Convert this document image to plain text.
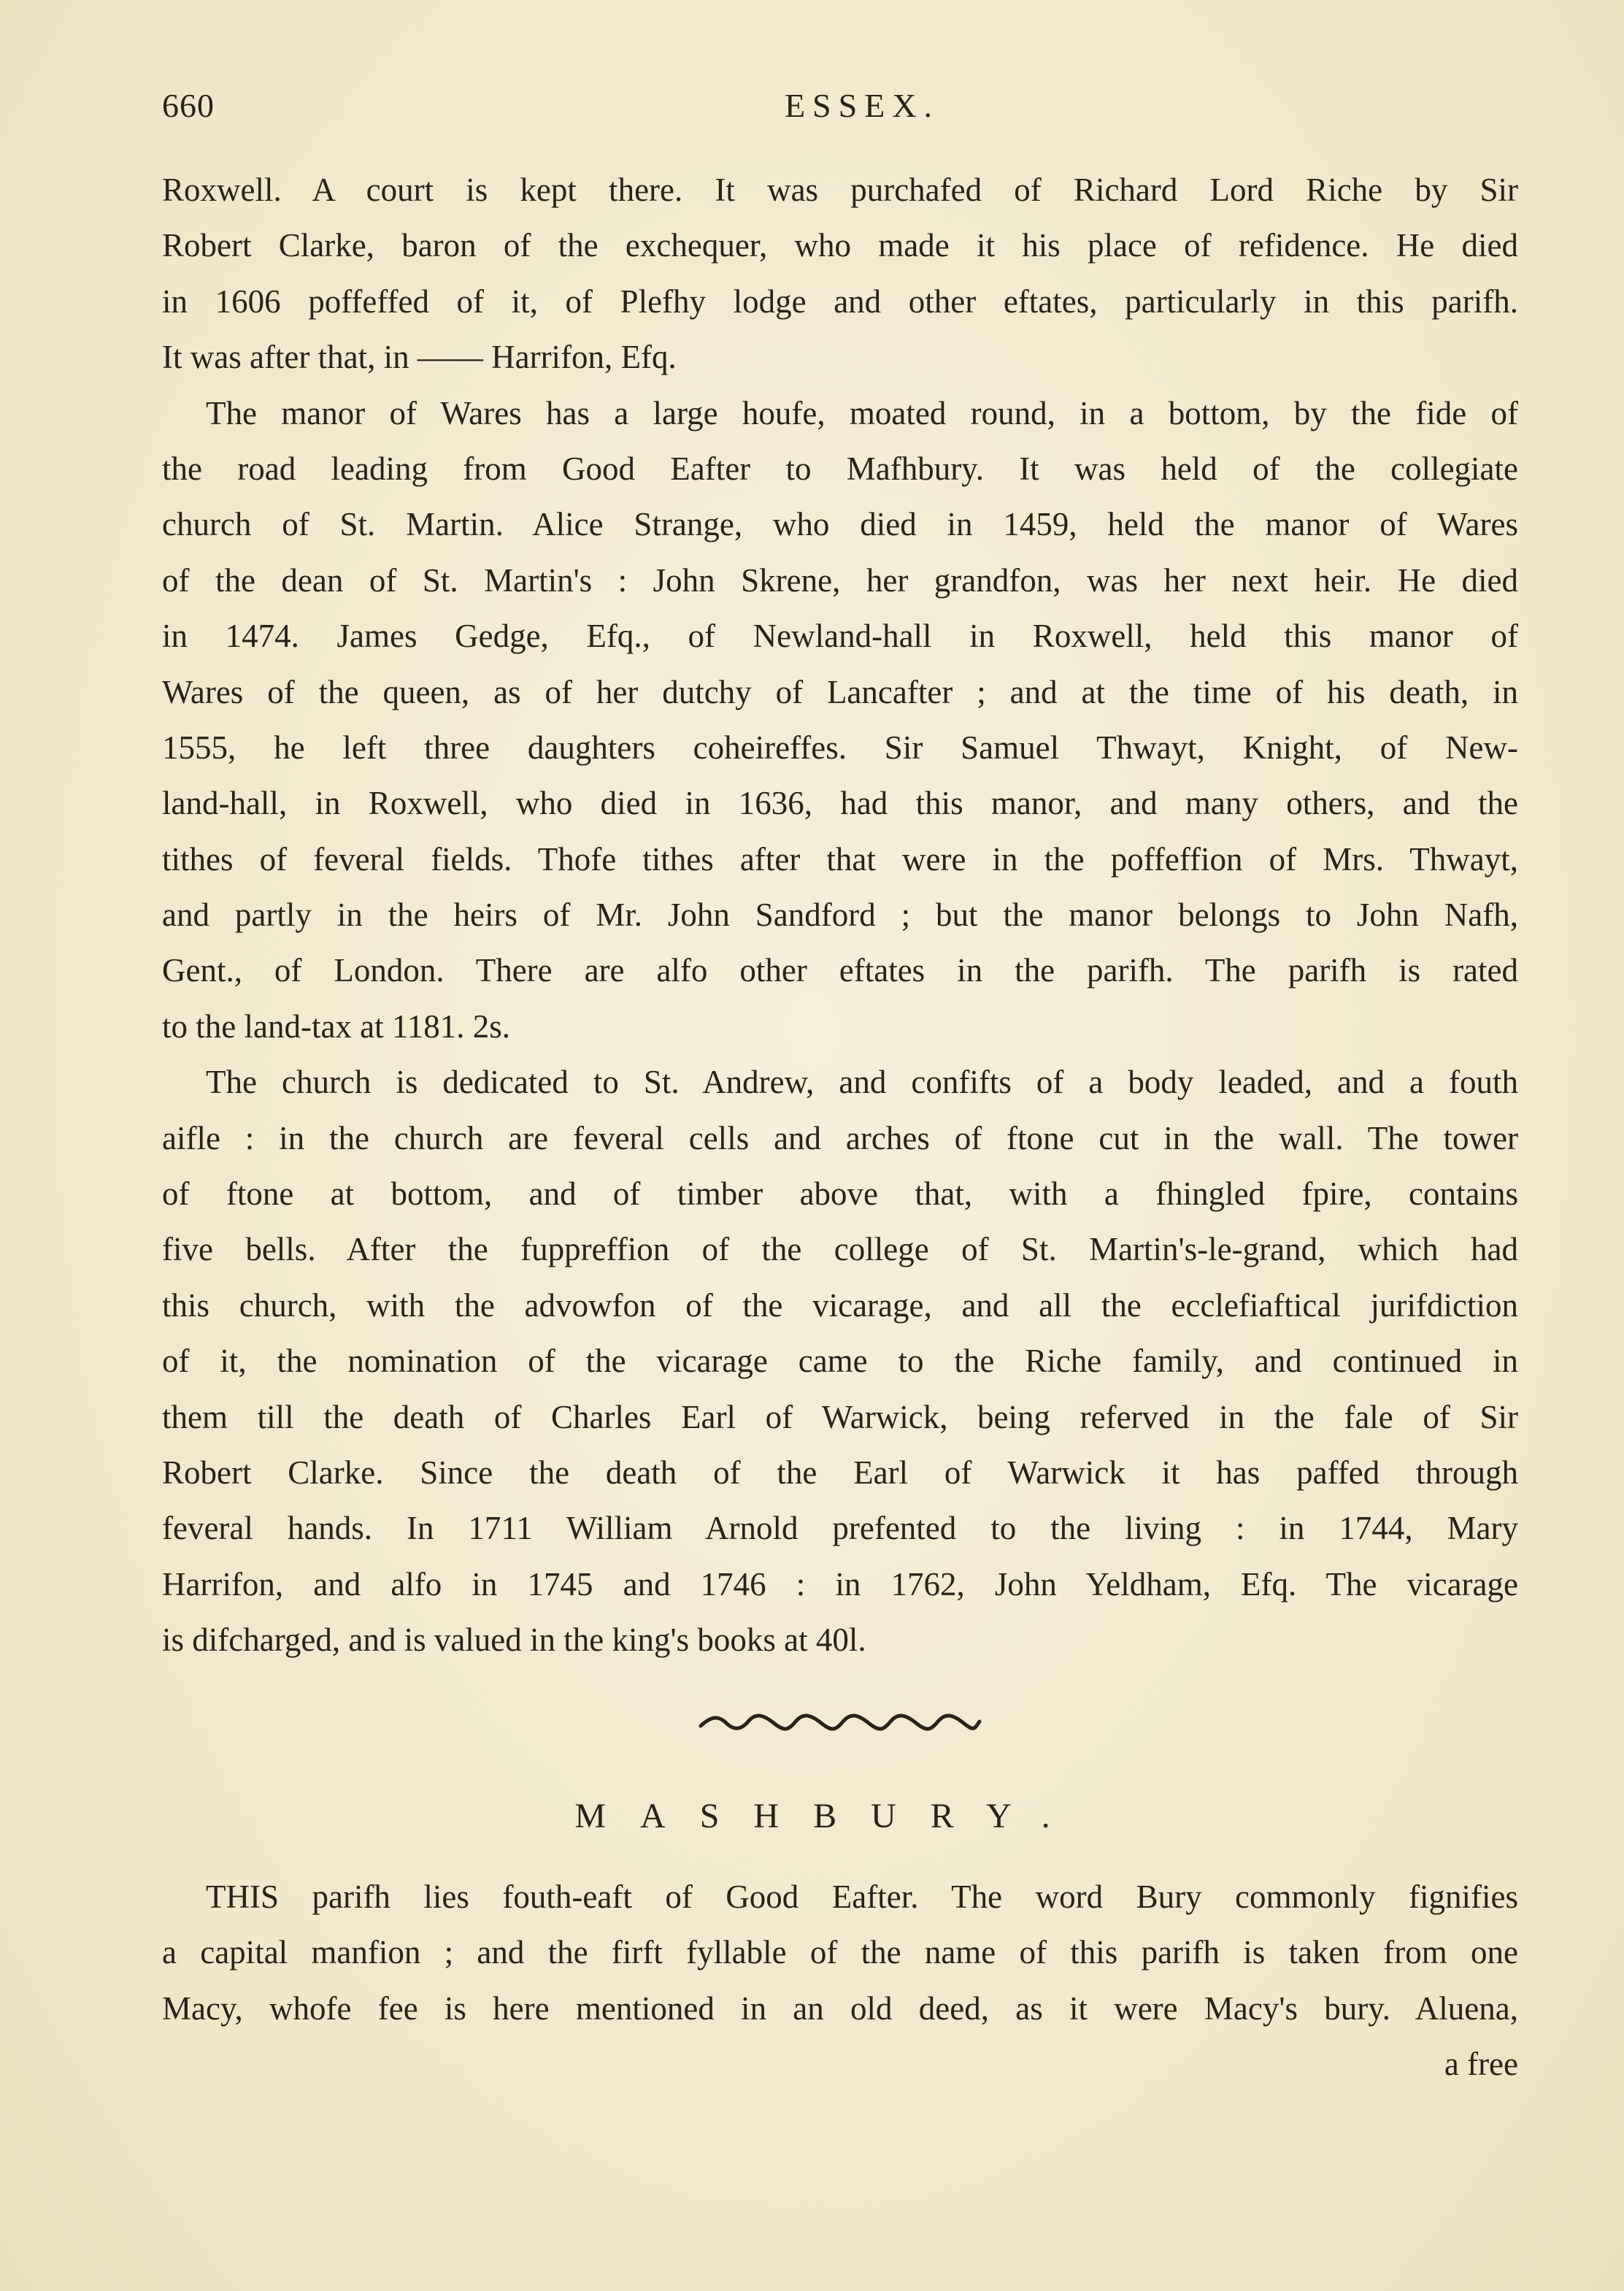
660	ESSEX.
Roxwell. A court is kept there. It was purchafed of Richard Lord Riche by Sir
Robert Clarke, baron of the exchequer, who made it his place of refidence. He died
in 1606 poffeffed of it, of Plefhy lodge and other eftates, particularly in this parifh.
It was after that, in —— Harrifon, Efq.
The manor of Wares has a large houfe, moated round, in a bottom, by the fide of
the road leading from Good Eafter to Mafhbury. It was held of the collegiate
church of St. Martin. Alice Strange, who died in 1459, held the manor of Wares
of the dean of St. Martin's : John Skrene, her grandfon, was her next heir. He died
in 1474. James Gedge, Efq., of Newland-hall in Roxwell, held this manor of
Wares of the queen, as of her dutchy of Lancafter ; and at the time of his death, in
1555, he left three daughters coheireffes. Sir Samuel Thwayt, Knight, of New-
land-hall, in Roxwell, who died in 1636, had this manor, and many others, and the
tithes of feveral fields. Thofe tithes after that were in the poffeffion of Mrs. Thwayt,
and partly in the heirs of Mr. John Sandford ; but the manor belongs to John Nafh,
Gent., of London. There are alfo other eftates in the parifh. The parifh is rated
to the land-tax at 1181. 2s.
The church is dedicated to St. Andrew, and confifts of a body leaded, and a fouth
aifle : in the church are feveral cells and arches of ftone cut in the wall. The tower
of ftone at bottom, and of timber above that, with a fhingled fpire, contains
five bells. After the fuppreffion of the college of St. Martin's-le-grand, which had
this church, with the advowfon of the vicarage, and all the ecclefiaftical jurifdiction
of it, the nomination of the vicarage came to the Riche family, and continued in
them till the death of Charles Earl of Warwick, being referved in the fale of Sir
Robert Clarke. Since the death of the Earl of Warwick it has paffed through
feveral hands. In 1711 William Arnold prefented to the living : in 1744, Mary
Harrifon, and alfo in 1745 and 1746 : in 1762, John Yeldham, Efq. The vicarage
is difcharged, and is valued in the king's books at 40l.
MASHBURY.
THIS parifh lies fouth-eaft of Good Eafter. The word Bury commonly fignifies
a capital manfion ; and the firft fyllable of the name of this parifh is taken from one
Macy, whofe fee is here mentioned in an old deed, as it were Macy's bury. Aluena,
a free
